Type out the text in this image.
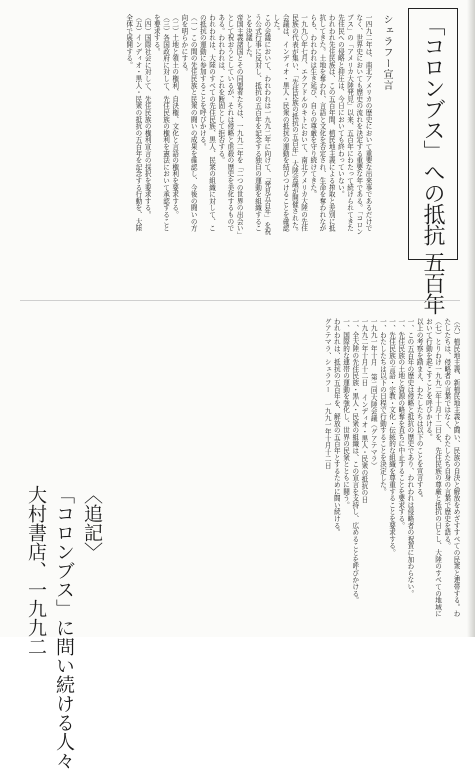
「コロンブス」への抵抗五百年
シェラフー宣言

一四九二年は、南北アメリカの歴史において重要な出来事であるだけでなく、世界史においても歴史の流れを決定する重要な年である。「コロンブス」の「アメリカ大陸発見」以来、五百年にわたって続けられてきた先住民への侵略と抑圧は、今日においても終わっていない。

われわれ先住民族は、この五百年間、植民地主義による搾取と差別に抵抗してきた。土地を奪われ、言語と文化を否定され、生命を奪われながらも、われわれは生き延び、自らの尊厳を守り続けてきた。

一九九〇年七月、エクアドルのキトにおいて、南北アメリカ大陸の先住民族の代表が集い、「先住民族の抵抗の五百年」大陸会議が開催された。会議は、インディオ・黒人・民衆の抵抗の運動を結びつけることを確認した。

この会議において、われわれは一九九二年に向けて、「発見五百年」を祝う公式行事に反対し、抵抗の五百年を記念する独自の運動を組織することを決議した。

帝国主義諸国とその同盟者たちは、一九九二年を「二つの世界の出会い」として祝おうとしているが、それは侵略と虐殺の歴史を美化するものである。われわれは、これを断固として拒否する。

われわれは、大陸のすべての先住民族、黒人、民衆の組織に対して、この抵抗の運動に参加することを呼びかける。

（一）この間の先住民族と民衆の闘いの成果を確認し、今後の闘いの方向を明らかにする。

（二）土地と領土の権利、自決権、文化と言語の権利を要求する。

（三）各国政府に対して、先住民族の権利を憲法において承認することを要求する。

（四）国際社会に対して、先住民族の権利宣言の採択を要求する。

（五）インディオ・黒人・民衆の抵抗の五百年を記念する行動を、大陸全体で展開する。

（六）植民地主義、新植民地主義と闘い、民族の自決と解放をめざすすべての民衆と連帯する。わたしたちは、侵略者の言葉ではなく、わたしたち自身の言葉で歴史を語る。

（七）とりわけ一九九二年十月十二日を、先住民族の尊厳と抵抗の日とし、大陸のすべての地域において行動を起こすことを呼びかける。

以上の考察を踏まえ、わたしたちは以下のことを宣言する。

一、この五百年の歴史は侵略と抵抗の歴史であり、われわれは侵略者の祝賀に加わらない。

一、先住民族の土地と資源の略奪を直ちに中止することを要求する。

一、先住民族の言語・宗教・文化・伝統的な組織を尊重することを要求する。

一、わたしたちは以下の日程で行動することを決定した。

一九九一年十月 第二回大陸会議（グアテマラ）

一九九二年十月十二日 インディオ・黒人・民衆の抵抗の日

一、全大陸の先住民族・黒人・民衆の組織は、この宣言を支持し、広めることを呼びかける。

一、国際的な連帯の運動を強化し、世界の民衆とともに闘う。

われわれは、抵抗の五百年を、解放の五百年とするために闘い続ける。

グアテマラ、シェラフー 一九九一年十月十二日

〈追記〉
「コロンブス」に問い続ける人々
大村書店、一九九二
